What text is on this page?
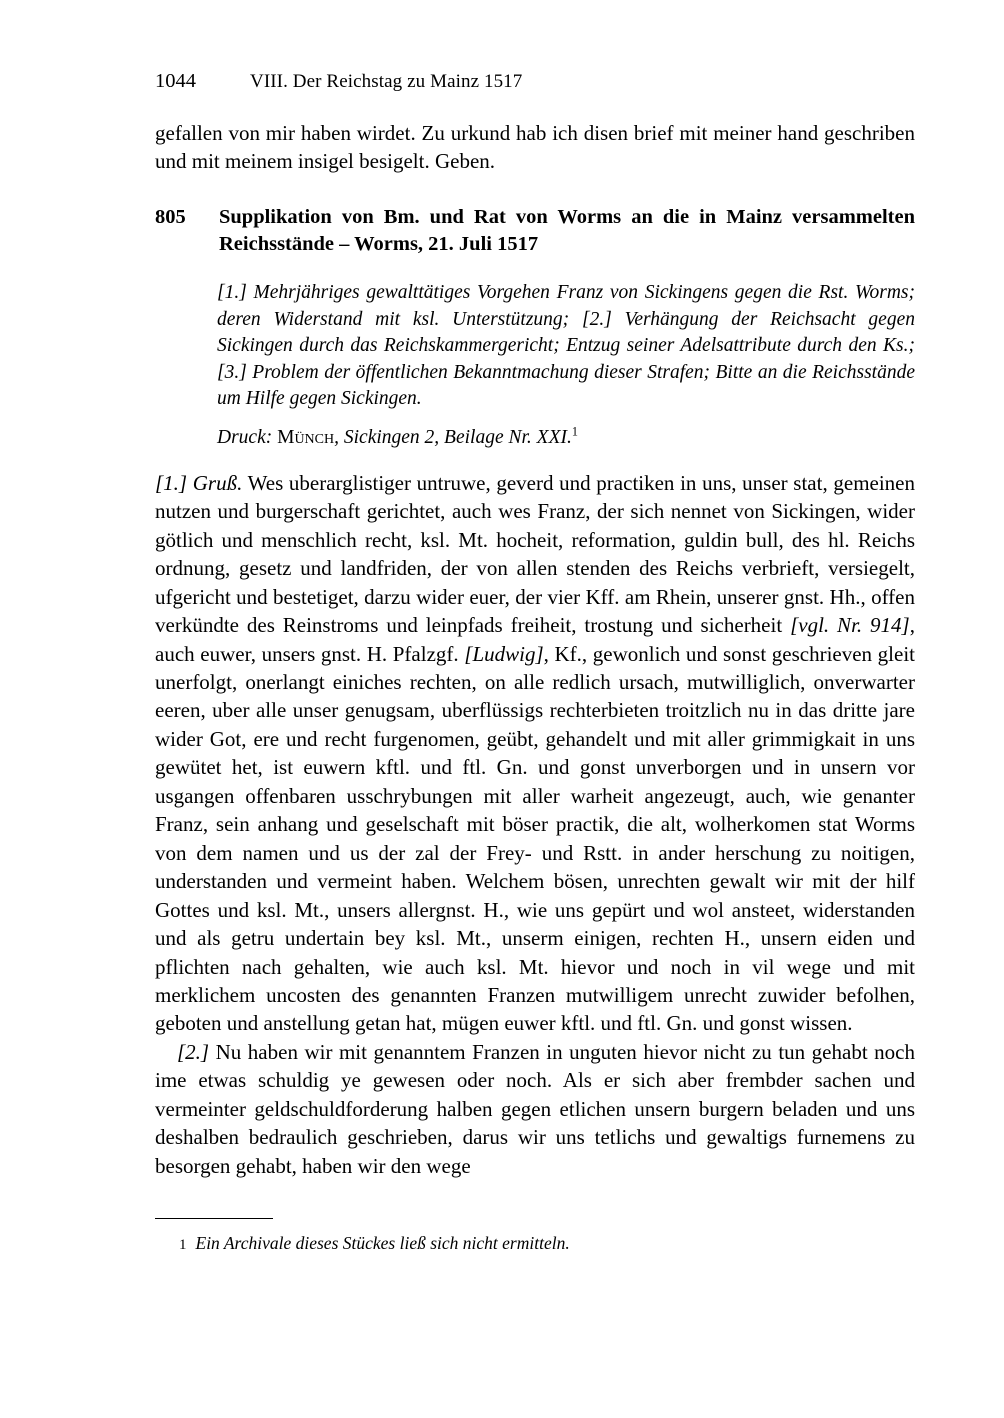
1044	VIII. Der Reichstag zu Mainz 1517

gefallen von mir haben wirdet. Zu urkund hab ich disen brief mit meiner hand geschriben und mit meinem insigel besigelt. Geben.

805	Supplikation von Bm. und Rat von Worms an die in Mainz versammelten Reichsstände – Worms, 21. Juli 1517
[1.] Mehrjähriges gewalttätiges Vorgehen Franz von Sickingens gegen die Rst. Worms; deren Widerstand mit ksl. Unterstützung; [2.] Verhängung der Reichsacht gegen Sickingen durch das Reichskammergericht; Entzug seiner Adelsattribute durch den Ks.; [3.] Problem der öffentlichen Bekanntmachung dieser Strafen; Bitte an die Reichsstände um Hilfe gegen Sickingen.
Druck: Münch, Sickingen 2, Beilage Nr. XXI.$^1$

[1.] Gruß. Wes uberarglistiger untruwe, geverd und practiken in uns, unser stat, gemeinen nutzen und burgerschaft gerichtet, auch wes Franz, der sich nennet von Sickingen, wider götlich und menschlich recht, ksl. Mt. hocheit, reformation, guldin bull, des hl. Reichs ordnung, gesetz und landfriden, der von allen stenden des Reichs verbrieft, versiegelt, ufgericht und bestetiget, darzu wider euer, der vier Kff. am Rhein, unserer gnst. Hh., offen verkündte des Reinstroms und leinpfads freiheit, trostung und sicherheit [vgl. Nr. 914], auch euwer, unsers gnst. H. Pfalzgf. [Ludwig], Kf., gewonlich und sonst geschrieven gleit unerfolgt, onerlangt einiches rechten, on alle redlich ursach, mutwilliglich, onverwarter eeren, uber alle unser genugsam, uberflüssigs rechterbieten troitzlich nu in das dritte jare wider Got, ere und recht furgenomen, geübt, gehandelt und mit aller grimmigkait in uns gewütet het, ist euwern kftl. und ftl. Gn. und gonst unverborgen und in unsern vor usgangen offenbaren usschrybungen mit aller warheit angezeugt, auch, wie genanter Franz, sein anhang und geselschaft mit böser practik, die alt, wolherkomen stat Worms von dem namen und us der zal der Frey- und Rstt. in ander herschung zu noitigen, understanden und vermeint haben. Welchem bösen, unrechten gewalt wir mit der hilf Gottes und ksl. Mt., unsers allergnst. H., wie uns gepürt und wol ansteet, widerstanden und als getru undertain bey ksl. Mt., unserm einigen, rechten H., unsern eiden und pflichten nach gehalten, wie auch ksl. Mt. hievor und noch in vil wege und mit merklichem uncosten des genannten Franzen mutwilligem unrecht zuwider befolhen, geboten und anstellung getan hat, mügen euwer kftl. und ftl. Gn. und gonst wissen.

[2.] Nu haben wir mit genanntem Franzen in unguten hievor nicht zu tun gehabt noch ime etwas schuldig ye gewesen oder noch. Als er sich aber frembder sachen und vermeinter geldschuldforderung halben gegen etlichen unsern burgern beladen und uns deshalben bedraulich geschrieben, darus wir uns tetlichs und gewaltigs furnemens zu besorgen gehabt, haben wir den wege

1 Ein Archivale dieses Stückes ließ sich nicht ermitteln.
